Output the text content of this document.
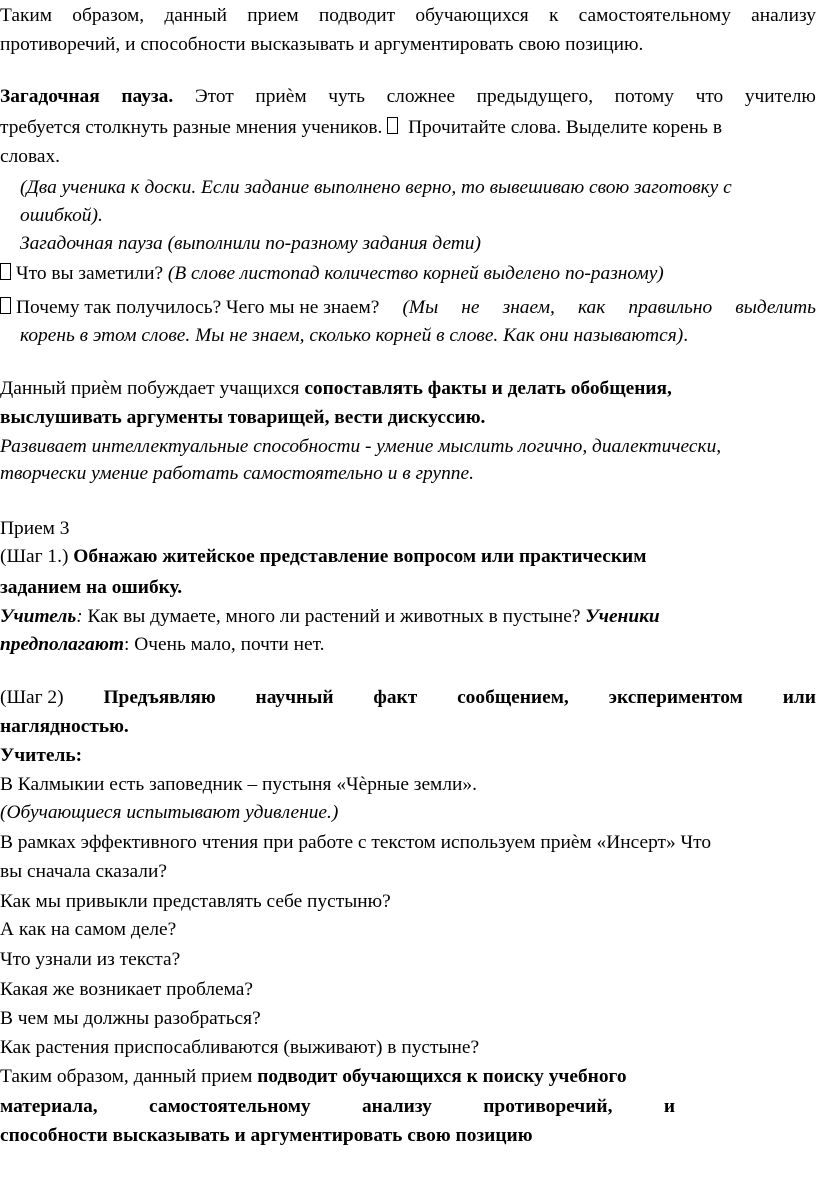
Таким образом, данный прием подводит обучающихся к самостоятельному анализу
противоречий, и способности высказывать и аргументировать свою позицию.
Загадочная пауза. Этот приѐм чуть сложнее предыдущего, потому что учителю
требуется столкнуть разные мнения учеников.  Прочитайте слова. Выделите корень в
словах.
(Два ученика к доски. Если задание выполнено верно, то вывешиваю свою заготовку с
ошибкой).
Загадочная пауза (выполнили по-разному задания дети)
Что вы заметили? (В слове листопад количество корней выделено по-разному)
Почему так получилось? Чего мы не знаем? (Мы не знаем, как правильно выделить
корень в этом слове. Мы не знаем, сколько корней в слове. Как они называются).
Данный приѐм побуждает учащихся сопоставлять факты и делать обобщения,
выслушивать аргументы товарищей, вести дискуссию.
Развивает интеллектуальные способности - умение мыслить логично, диалектически,
творчески умение работать самостоятельно и в группе.
Прием 3
(Шаг 1.) Обнажаю житейское представление вопросом или практическим
заданием на ошибку.
Учитель: Как вы думаете, много ли растений и животных в пустыне? Ученики
предполагают: Очень мало, почти нет.
(Шаг 2) Предъявляю научный факт сообщением, экспериментом или
наглядностью.
Учитель:
В Калмыкии есть заповедник – пустыня «Чѐрные земли».
(Обучающиеся испытывают удивление.)
В рамках эффективного чтения при работе с текстом используем приѐм «Инсерт» Что
вы сначала сказали?
Как мы привыкли представлять себе пустыню?
А как на самом деле?
Что узнали из текста?
Какая же возникает проблема?
В чем мы должны разобраться?
Как растения приспосабливаются (выживают) в пустыне?
Таким образом, данный прием подводит обучающихся к поиску учебного
материала,	самостоятельному	анализу	противоречий,	и
способности высказывать и аргументировать свою позицию
